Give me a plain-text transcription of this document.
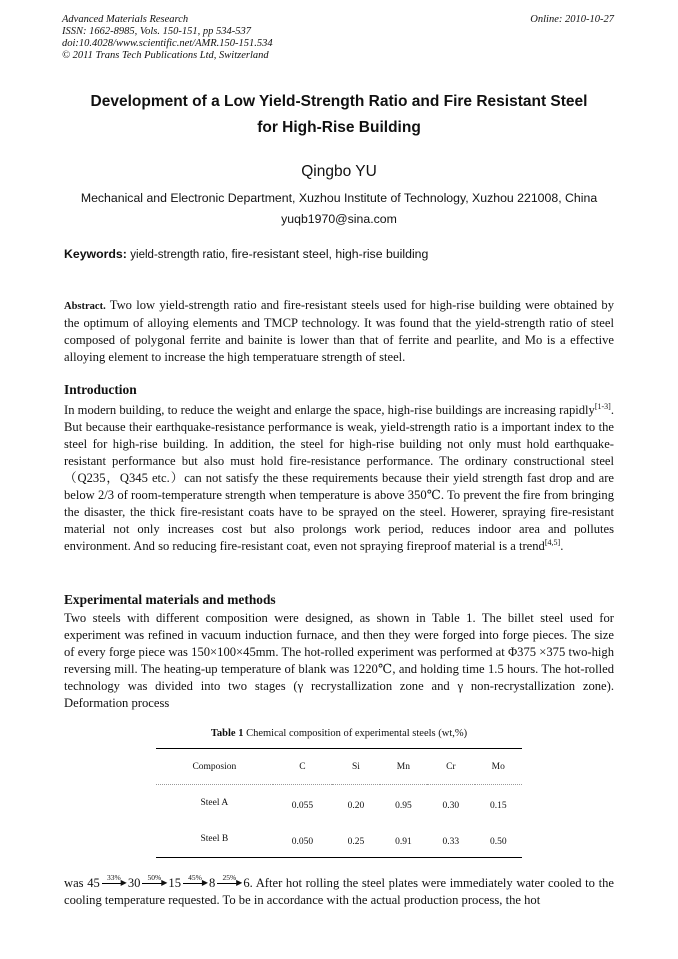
Advanced Materials Research
ISSN: 1662-8985, Vols. 150-151, pp 534-537
doi:10.4028/www.scientific.net/AMR.150-151.534
© 2011 Trans Tech Publications Ltd, Switzerland
Online: 2010-10-27
Development of a Low Yield-Strength Ratio and Fire Resistant Steel
for High-Rise Building
Qingbo YU
Mechanical and Electronic Department, Xuzhou Institute of Technology, Xuzhou 221008, China
yuqb1970@sina.com
Keywords: yield-strength ratio, fire-resistant steel, high-rise building

Abstract. Two low yield-strength ratio and fire-resistant steels used for high-rise building were obtained by the optimum of alloying elements and TMCP technology. It was found that the yield-strength ratio of steel composed of polygonal ferrite and bainite is lower than that of ferrite and pearlite, and Mo is a effective alloying element to increase the high temperatuare strength of steel.

Introduction

In modern building, to reduce the weight and enlarge the space, high-rise buildings are increasing rapidly[1-3]. But because their earthquake-resistance performance is weak, yield-strength ratio is a important index to the steel for high-rise building. In addition, the steel for high-rise building not only must hold earthquake-resistant performance but also must hold fire-resistance performance. The ordinary constructional steel（Q235，Q345 etc.）can not satisfy the these requirements because their yield strength fast drop and are below 2/3 of room-temperature strength when temperature is above 350℃. To prevent the fire from bringing the disaster, the thick fire-resistant coats have to be sprayed on the steel. Howerer, spraying fire-resistant material not only increases cost but also prolongs work period, reduces indoor area and pollutes environment. And so reducing fire-resistant coat, even not spraying fireproof material is a trend[4,5].

Experimental materials and methods

Two steels with different composition were designed, as shown in Table 1. The billet steel used for experiment was refined in vacuum induction furnace, and then they were forged into forge pieces. The size of every forge piece was 150×100×45mm. The hot-rolled experiment was performed at Φ375 ×375 two-high reversing mill. The heating-up temperature of blank was 1220℃, and holding time 1.5 hours. The hot-rolled technology was divided into two stages (γ recrystallization zone and γ non-recrystallization zone). Deformation process

Table 1 Chemical composition of experimental steels (wt,%)
Composion	C	Si	Mn	Cr	Mo
Steel A	0.055	0.20	0.95	0.30	0.15
Steel B	0.050	0.25	0.91	0.33	0.50

was 45 33%
▶ 30 50%
▶ 15 45%
▶ 8 25%
▶ 6. After hot rolling the steel plates were immediately water cooled to the cooling temperature requested. To be in accordance with the actual production process, the hot
